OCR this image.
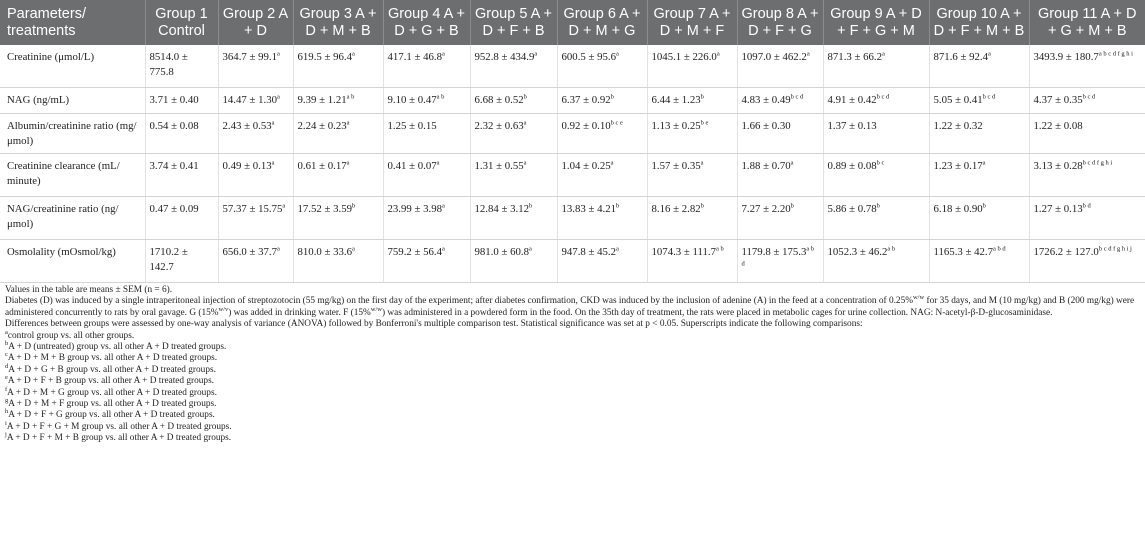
Parameters/ treatments	Group 1 Control	Group 2 A + D	Group 3 A + D + M + B	Group 4 A + D + G + B	Group 5 A + D + F + B	Group 6 A + D + M + G	Group 7 A + D + M + F	Group 8 A + D + F + G	Group 9 A + D + F + G + M	Group 10 A + D + F + M + B	Group 11 A + D + G + M + B
Creatinine (μmol/L)	8514.0 ± 775.8	364.7 ± 99.1$^a$	619.5 ± 96.4$^a$	417.1 ± 46.8$^a$	952.8 ± 434.9$^a$	600.5 ± 95.6$^a$	1045.1 ± 226.0$^a$	1097.0 ± 462.2$^a$	871.3 ± 66.2$^a$	871.6 ± 92.4$^a$	$3493.9 \pm 180.7^{a b c d f g h i}$
NAG (ng/mL)	3.71 ± 0.40	14.47 ± 1.30$^a$	$9.39 \pm 1.21^{a b}$	$9.10 \pm 0.47^{a b}$	6.68 ± 0.52$^b$	6.37 ± 0.92$^b$	6.44 ± 1.23$^b$	$4.83 \pm 0.49^{b c d}$	$4.91 \pm 0.42^{b c d}$	$5.05 \pm 0.41^{b c d}$	$4.37 \pm 0.35^{b c d}$
Albumin/creatinine ratio (mg/μmol)	0.54 ± 0.08	2.43 ± 0.53$^a$	2.24 ± 0.23$^a$	1.25 ± 0.15	2.32 ± 0.63$^a$	$0.92 \pm 0.10^{b c e}$	$1.13 \pm 0.25^{b e}$	1.66 ± 0.30	1.37 ± 0.13	1.22 ± 0.32	1.22 ± 0.08
Creatinine clearance (mL/ minute)	3.74 ± 0.41	0.49 ± 0.13$^a$	0.61 ± 0.17$^a$	0.41 ± 0.07$^a$	1.31 ± 0.55$^a$	1.04 ± 0.25$^a$	1.57 ± 0.35$^a$	1.88 ± 0.70$^a$	$0.89 \pm 0.08^{b c}$	1.23 ± 0.17$^a$	$3.13 \pm 0.28^{b c d f g h i}$
NAG/creatinine ratio (ng/μmol)	0.47 ± 0.09	57.37 ± 15.75$^a$	17.52 ± 3.59$^b$	23.99 ± 3.98$^a$	12.84 ± 3.12$^b$	13.83 ± 4.21$^b$	8.16 ± 2.82$^b$	7.27 ± 2.20$^b$	5.86 ± 0.78$^b$	6.18 ± 0.90$^b$	$1.27 \pm 0.13^{b d}$
Osmolality (mOsmol/kg)	1710.2 ± 142.7	656.0 ± 37.7$^a$	810.0 ± 33.6$^a$	759.2 ± 56.4$^a$	981.0 ± 60.8$^a$	947.8 ± 45.2$^a$	$1074.3 \pm 111.7^{a b}$	$1179.8 \pm 175.3^{a b d}$	$1052.3 \pm 46.2^{a b}$	$1165.3 \pm 42.7^{a b d}$	$1726.2 \pm 127.0^{b c d f g h i j}$

Values in the table are means ± SEM (n = 6).

Diabetes (D) was induced by a single intraperitoneal injection of streptozotocin (55 mg/kg) on the first day of the experiment; after diabetes confirmation, CKD was induced by the inclusion of adenine (A) in the feed at a concentration of 0.25%$^{w/w}$ for 35 days, and M (10 mg/kg) and B (200 mg/kg) were administered concurrently to rats by oral gavage. G (15%$^{w/v}$) was added in drinking water. F (15%$^{w/w}$) was administered in a powdered form in the food. On the 35th day of treatment, the rats were placed in metabolic cages for urine collection. NAG: N-acetyl-β-D-glucosaminidase.

Differences between groups were assessed by one-way analysis of variance (ANOVA) followed by Bonferroni's multiple comparison test. Statistical significance was set at p < 0.05. Superscripts indicate the following comparisons:

$^a$control group vs. all other groups.

$^b$A + D (untreated) group vs. all other A + D treated groups.

$^c$A + D + M + B group vs. all other A + D treated groups.

$^d$A + D + G + B group vs. all other A + D treated groups.

$^e$A + D + F + B group vs. all other A + D treated groups.

$^f$A + D + M + G group vs. all other A + D treated groups.

$^g$A + D + M + F group vs. all other A + D treated groups.

$^h$A + D + F + G group vs. all other A + D treated groups.

$^i$A + D + F + G + M group vs. all other A + D treated groups.

$^j$A + D + F + M + B group vs. all other A + D treated groups.
